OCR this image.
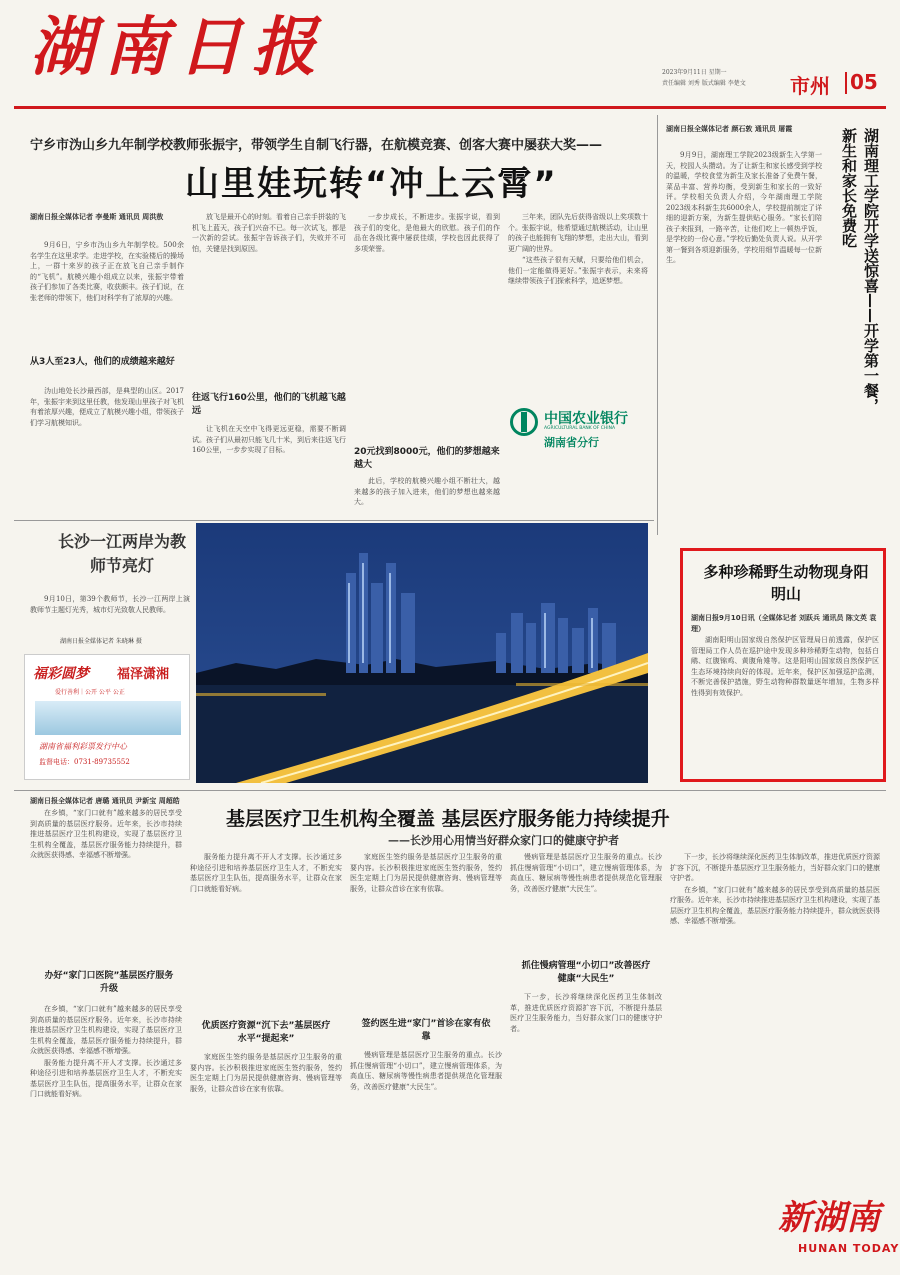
湖南日报	2023年9月11日 星期一
责任编辑 刘秀 版式编辑 李楚文	市州 05
宁乡市沩山乡九年制学校教师张振宇，带领学生自制飞行器，在航模竞赛、创客大赛中屡获大奖——
山里娃玩转“冲上云霄”
湖南日报全媒体记者 李曼斯 通讯员 周洪敖

9月6日，宁乡市沩山乡九年制学校。500余名学生在这里求学。走进学校，在实验楼后的操场上，一群十来岁的孩子正在放飞自己亲手制作的“飞机”。航模兴趣小组成立以来，张振宇带着孩子们参加了各类比赛，收获颇丰。孩子们说，在张老师的带领下，他们对科学有了浓厚的兴趣。

从3人至23人，他们的成绩越来越好

沩山地处长沙最西部，是典型的山区。2017年，张振宇来到这里任教，他发现山里孩子对飞机有着浓厚兴趣，便成立了航模兴趣小组，带领孩子们学习航模知识。

放飞是最开心的时刻。看着自己亲手拼装的飞机飞上蓝天，孩子们兴奋不已。每一次试飞，都是一次新的尝试。张振宇告诉孩子们，失败并不可怕，关键是找到原因。

往返飞行160公里，他们的飞机越飞越远

让飞机在天空中飞得更远更稳，需要不断调试。孩子们从最初只能飞几十米，到后来往返飞行160公里，一步步实现了目标。

一步步成长，不断进步。张振宇说，看到孩子们的变化，是他最大的欣慰。孩子们的作品在各级比赛中屡获佳绩，学校也因此获得了多项荣誉。

20元找到8000元，他们的梦想越来越大

此后，学校的航模兴趣小组不断壮大，越来越多的孩子加入进来，他们的梦想也越来越大。

三年来，团队先后获得省级以上奖项数十个。张振宇说，他希望通过航模活动，让山里的孩子也能拥有飞翔的梦想，走出大山，看到更广阔的世界。

“这些孩子很有天赋，只要给他们机会，他们一定能做得更好。”张振宇表示，未来将继续带领孩子们探索科学，追逐梦想。

中国农业银行
AGRICULTURAL BANK OF CHINA
湖南省分行
湖南日报全媒体记者 颜石敦 通讯员 屠霞	湖南理工学院开学送惊喜——开学第一餐，新生和家长免费吃

9月9日，湖南理工学院2023级新生入学第一天，校园人头攒动。为了让新生和家长感受到学校的温暖，学校食堂为新生及家长准备了免费午餐，菜品丰富、营养均衡，受到新生和家长的一致好评。学校相关负责人介绍，今年湖南理工学院2023级本科新生共6000余人，学校提前制定了详细的迎新方案，为新生提供贴心服务。“家长们陪孩子来报到，一路辛苦，让他们吃上一顿热乎饭，是学校的一份心意。”学校后勤处负责人说。从开学第一餐到各项迎新服务，学校用细节温暖每一位新生。

长沙一江两岸为教师节亮灯

9月10日，第39个教师节，长沙一江两岸上演教师节主题灯光秀，城市灯光致敬人民教师。

湖南日报全媒体记者 朱晓琳 摄
福彩圆梦 福泽潇湘
爱行善利｜公开 公平 公正
湖南省福利彩票发行中心
监督电话：0731-89735552
多种珍稀野生动物现身阳明山
湖南日报9月10日讯（全媒体记者 刘跃兵 通讯员 陈文英 袁理）

湖南阳明山国家级自然保护区管理局日前透露，保护区管理局工作人员在巡护途中发现多种珍稀野生动物，包括白鹇、红腹锦鸡、黄腹角雉等。这是阳明山国家级自然保护区生态环境持续向好的体现。近年来，保护区加强巡护监测，不断完善保护措施，野生动物种群数量逐年增加，生物多样性得到有效保护。

湖南日报全媒体记者 唐璐 通讯员 尹新宝 周超皓
基层医疗卫生机构全覆盖 基层医疗服务能力持续提升
——长沙用心用情当好群众家门口的健康守护者

在乡镇，“家门口就有”越来越多的居民享受到高质量的基层医疗服务。近年来，长沙市持续推进基层医疗卫生机构建设，实现了基层医疗卫生机构全覆盖，基层医疗服务能力持续提升，群众就医获得感、幸福感不断增强。

办好“家门口医院”基层医疗服务升级

在乡镇，“家门口就有”越来越多的居民享受到高质量的基层医疗服务。近年来，长沙市持续推进基层医疗卫生机构建设，实现了基层医疗卫生机构全覆盖，基层医疗服务能力持续提升，群众就医获得感、幸福感不断增强。

服务能力提升离不开人才支撑。长沙通过多种途径引进和培养基层医疗卫生人才，不断充实基层医疗卫生队伍，提高服务水平，让群众在家门口就能看好病。

服务能力提升离不开人才支撑。长沙通过多种途径引进和培养基层医疗卫生人才，不断充实基层医疗卫生队伍，提高服务水平，让群众在家门口就能看好病。

优质医疗资源“沉下去”基层医疗水平“提起来”

家庭医生签约服务是基层医疗卫生服务的重要内容。长沙积极推进家庭医生签约服务，签约医生定期上门为居民提供健康咨询、慢病管理等服务，让群众首诊在家有依靠。

家庭医生签约服务是基层医疗卫生服务的重要内容。长沙积极推进家庭医生签约服务，签约医生定期上门为居民提供健康咨询、慢病管理等服务，让群众首诊在家有依靠。

签约医生进“家门”首诊在家有依靠

慢病管理是基层医疗卫生服务的重点。长沙抓住慢病管理“小切口”，建立慢病管理体系，为高血压、糖尿病等慢性病患者提供规范化管理服务，改善医疗健康“大民生”。

慢病管理是基层医疗卫生服务的重点。长沙抓住慢病管理“小切口”，建立慢病管理体系，为高血压、糖尿病等慢性病患者提供规范化管理服务，改善医疗健康“大民生”。

抓住慢病管理“小切口”改善医疗健康“大民生”

下一步，长沙将继续深化医药卫生体制改革，推进优质医疗资源扩容下沉，不断提升基层医疗卫生服务能力，当好群众家门口的健康守护者。

下一步，长沙将继续深化医药卫生体制改革，推进优质医疗资源扩容下沉，不断提升基层医疗卫生服务能力，当好群众家门口的健康守护者。

在乡镇，“家门口就有”越来越多的居民享受到高质量的基层医疗服务。近年来，长沙市持续推进基层医疗卫生机构建设，实现了基层医疗卫生机构全覆盖，基层医疗服务能力持续提升，群众就医获得感、幸福感不断增强。

新湖南
HUNAN TODAY
